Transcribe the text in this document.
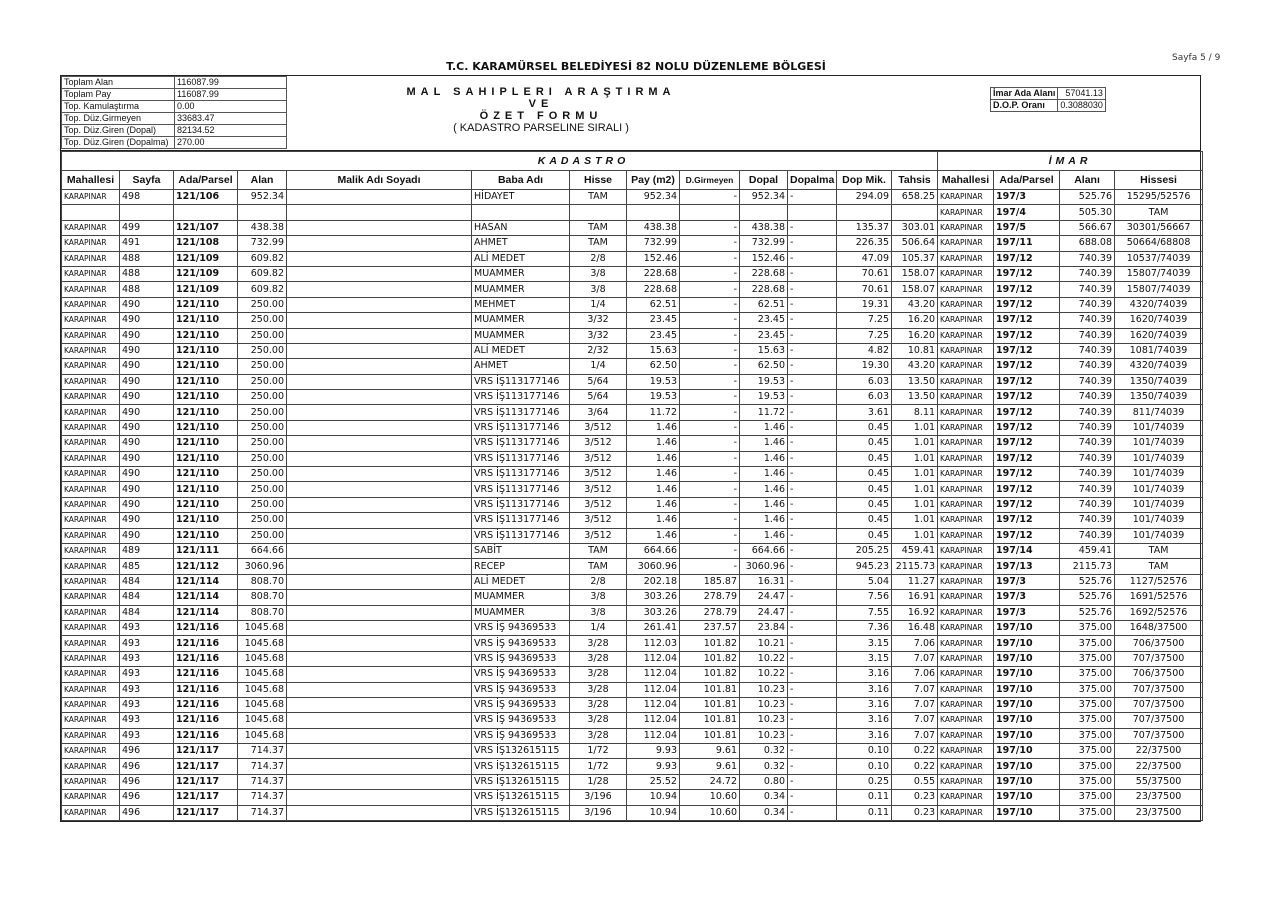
Sayfa 5 / 9
T.C. KARAMÜRSEL BELEDİYESİ 82 NOLU DÜZENLEME BÖLGESİ
Toplam Alan	116087.99
Toplam Pay	116087.99
Top. Kamulaştırma	0.00
Top. Düz.Girmeyen	33683.47
Top. Düz.Giren (Dopal)	82134.52
Top. Düz.Giren (Dopalma)	270.00
MAL SAHIPLERI ARAŞTIRMA
VE
ÖZET FORMU
( KADASTRO PARSELINE SIRALI )
İmar Ada Alanı	57041.13
D.O.P. Oranı	0.3088030
KADASTRO													İMAR			
Mahallesi	Sayfa	Ada/Parsel	Alan	Malik Adı Soyadı	Baba Adı	Hisse	Pay (m2)	D.Girmeyen	Dopal	Dopalma	Dop Mik.	Tahsis	Mahallesi	Ada/Parsel	Alanı	Hissesi
KARAPINAR	498	121/106	952.34		HİDAYET	TAM	952.34	-	952.34	-	294.09	658.25	KARAPINAR	197/3	525.76	15295/52576
													KARAPINAR	197/4	505.30	TAM
KARAPINAR	499	121/107	438.38		HASAN	TAM	438.38	-	438.38	-	135.37	303.01	KARAPINAR	197/5	566.67	30301/56667
KARAPINAR	491	121/108	732.99		AHMET	TAM	732.99	-	732.99	-	226.35	506.64	KARAPINAR	197/11	688.08	50664/68808
KARAPINAR	488	121/109	609.82		ALİ MEDET	2/8	152.46	-	152.46	-	47.09	105.37	KARAPINAR	197/12	740.39	10537/74039
KARAPINAR	488	121/109	609.82		MUAMMER	3/8	228.68	-	228.68	-	70.61	158.07	KARAPINAR	197/12	740.39	15807/74039
KARAPINAR	488	121/109	609.82		MUAMMER	3/8	228.68	-	228.68	-	70.61	158.07	KARAPINAR	197/12	740.39	15807/74039
KARAPINAR	490	121/110	250.00		MEHMET	1/4	62.51	-	62.51	-	19.31	43.20	KARAPINAR	197/12	740.39	4320/74039
KARAPINAR	490	121/110	250.00		MUAMMER	3/32	23.45	-	23.45	-	7.25	16.20	KARAPINAR	197/12	740.39	1620/74039
KARAPINAR	490	121/110	250.00		MUAMMER	3/32	23.45	-	23.45	-	7.25	16.20	KARAPINAR	197/12	740.39	1620/74039
KARAPINAR	490	121/110	250.00		ALİ MEDET	2/32	15.63	-	15.63	-	4.82	10.81	KARAPINAR	197/12	740.39	1081/74039
KARAPINAR	490	121/110	250.00		AHMET	1/4	62.50	-	62.50	-	19.30	43.20	KARAPINAR	197/12	740.39	4320/74039
KARAPINAR	490	121/110	250.00		VRS İŞ113177146	5/64	19.53	-	19.53	-	6.03	13.50	KARAPINAR	197/12	740.39	1350/74039
KARAPINAR	490	121/110	250.00		VRS İŞ113177146	5/64	19.53	-	19.53	-	6.03	13.50	KARAPINAR	197/12	740.39	1350/74039
KARAPINAR	490	121/110	250.00		VRS İŞ113177146	3/64	11.72	-	11.72	-	3.61	8.11	KARAPINAR	197/12	740.39	811/74039
KARAPINAR	490	121/110	250.00		VRS İŞ113177146	3/512	1.46	-	1.46	-	0.45	1.01	KARAPINAR	197/12	740.39	101/74039
KARAPINAR	490	121/110	250.00		VRS İŞ113177146	3/512	1.46	-	1.46	-	0.45	1.01	KARAPINAR	197/12	740.39	101/74039
KARAPINAR	490	121/110	250.00		VRS İŞ113177146	3/512	1.46	-	1.46	-	0.45	1.01	KARAPINAR	197/12	740.39	101/74039
KARAPINAR	490	121/110	250.00		VRS İŞ113177146	3/512	1.46	-	1.46	-	0.45	1.01	KARAPINAR	197/12	740.39	101/74039
KARAPINAR	490	121/110	250.00		VRS İŞ113177146	3/512	1.46	-	1.46	-	0.45	1.01	KARAPINAR	197/12	740.39	101/74039
KARAPINAR	490	121/110	250.00		VRS İŞ113177146	3/512	1.46	-	1.46	-	0.45	1.01	KARAPINAR	197/12	740.39	101/74039
KARAPINAR	490	121/110	250.00		VRS İŞ113177146	3/512	1.46	-	1.46	-	0.45	1.01	KARAPINAR	197/12	740.39	101/74039
KARAPINAR	490	121/110	250.00		VRS İŞ113177146	3/512	1.46	-	1.46	-	0.45	1.01	KARAPINAR	197/12	740.39	101/74039
KARAPINAR	489	121/111	664.66		SABİT	TAM	664.66	-	664.66	-	205.25	459.41	KARAPINAR	197/14	459.41	TAM
KARAPINAR	485	121/112	3060.96		RECEP	TAM	3060.96	-	3060.96	-	945.23	2115.73	KARAPINAR	197/13	2115.73	TAM
KARAPINAR	484	121/114	808.70		ALİ MEDET	2/8	202.18	185.87	16.31	-	5.04	11.27	KARAPINAR	197/3	525.76	1127/52576
KARAPINAR	484	121/114	808.70		MUAMMER	3/8	303.26	278.79	24.47	-	7.56	16.91	KARAPINAR	197/3	525.76	1691/52576
KARAPINAR	484	121/114	808.70		MUAMMER	3/8	303.26	278.79	24.47	-	7.55	16.92	KARAPINAR	197/3	525.76	1692/52576
KARAPINAR	493	121/116	1045.68		VRS İŞ 94369533	1/4	261.41	237.57	23.84	-	7.36	16.48	KARAPINAR	197/10	375.00	1648/37500
KARAPINAR	493	121/116	1045.68		VRS İŞ 94369533	3/28	112.03	101.82	10.21	-	3.15	7.06	KARAPINAR	197/10	375.00	706/37500
KARAPINAR	493	121/116	1045.68		VRS İŞ 94369533	3/28	112.04	101.82	10.22	-	3.15	7.07	KARAPINAR	197/10	375.00	707/37500
KARAPINAR	493	121/116	1045.68		VRS İŞ 94369533	3/28	112.04	101.82	10.22	-	3.16	7.06	KARAPINAR	197/10	375.00	706/37500
KARAPINAR	493	121/116	1045.68		VRS İŞ 94369533	3/28	112.04	101.81	10.23	-	3.16	7.07	KARAPINAR	197/10	375.00	707/37500
KARAPINAR	493	121/116	1045.68		VRS İŞ 94369533	3/28	112.04	101.81	10.23	-	3.16	7.07	KARAPINAR	197/10	375.00	707/37500
KARAPINAR	493	121/116	1045.68		VRS İŞ 94369533	3/28	112.04	101.81	10.23	-	3.16	7.07	KARAPINAR	197/10	375.00	707/37500
KARAPINAR	493	121/116	1045.68		VRS İŞ 94369533	3/28	112.04	101.81	10.23	-	3.16	7.07	KARAPINAR	197/10	375.00	707/37500
KARAPINAR	496	121/117	714.37		VRS İŞ132615115	1/72	9.93	9.61	0.32	-	0.10	0.22	KARAPINAR	197/10	375.00	22/37500
KARAPINAR	496	121/117	714.37		VRS İŞ132615115	1/72	9.93	9.61	0.32	-	0.10	0.22	KARAPINAR	197/10	375.00	22/37500
KARAPINAR	496	121/117	714.37		VRS İŞ132615115	1/28	25.52	24.72	0.80	-	0.25	0.55	KARAPINAR	197/10	375.00	55/37500
KARAPINAR	496	121/117	714.37		VRS İŞ132615115	3/196	10.94	10.60	0.34	-	0.11	0.23	KARAPINAR	197/10	375.00	23/37500
KARAPINAR	496	121/117	714.37		VRS İŞ132615115	3/196	10.94	10.60	0.34	-	0.11	0.23	KARAPINAR	197/10	375.00	23/37500
